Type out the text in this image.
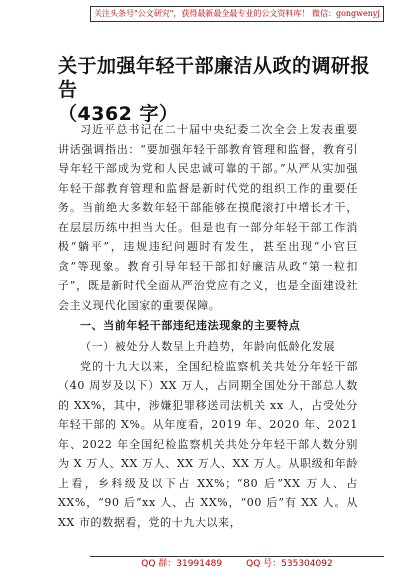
关注头条号"公文研究"，获得最新最全最专业的公文资料库！ 微信：gongwenyj
关于加强年轻干部廉洁从政的调研报告
（4362 字）

习近平总书记在二十届中央纪委二次全会上发表重要讲话强调指出：“要加强年轻干部教育管理和监督，教育引导年轻干部成为党和人民忠诚可靠的干部。”从严从实加强年轻干部教育管理和监督是新时代党的组织工作的重要任务。当前绝大多数年轻干部能够在摸爬滚打中增长才干，在层层历练中担当大任。但是也有一部分年轻干部工作消极“躺平”，违规违纪问题时有发生，甚至出现“小官巨贪”等现象。教育引导年轻干部扣好廉洁从政“第一粒扣子”，既是新时代全面从严治党应有之义，也是全面建设社会主义现代化国家的重要保障。

一、当前年轻干部违纪违法现象的主要特点

（一）被处分人数呈上升趋势，年龄向低龄化发展

党的十九大以来，全国纪检监察机关共处分年轻干部（40 周岁及以下）XX 万人，占同期全国处分干部总人数的 XX%，其中，涉嫌犯罪移送司法机关 xx 人，占受处分年轻干部的 X%。从年度看，2019 年、2020 年、2021 年、2022 年全国纪检监察机关共处分年轻干部人数分别为 X 万人、XX 万人、XX 万人、XX 万人。从职级和年龄上看，乡科级及以下占 XX%；“80 后”XX 万人、占 XX%，“90 后”xx 人、占 XX%，“00 后”有 XX 人。从 XX 市的数据看，党的十九大以来，

QQ 群：31991489	QQ 号：535304092
